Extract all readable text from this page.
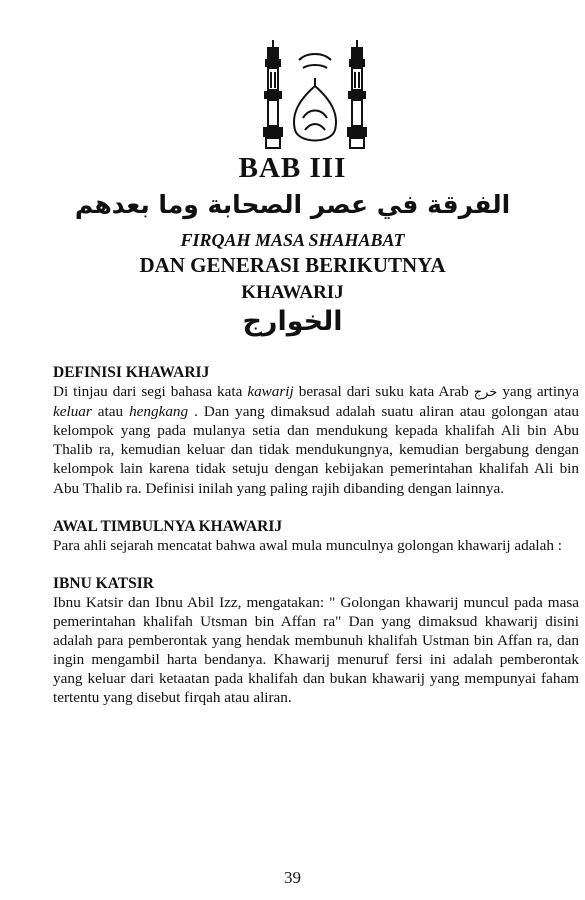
BAB III
الفرقة في عصر الصحابة وما بعدهم
FIRQAH MASA SHAHABAT
DAN GENERASI BERIKUTNYA
KHAWARIJ
الخوارج

DEFINISI KHAWARIJ

Di tinjau dari segi bahasa kata kawarij berasal dari suku kata Arab خرج yang artinya keluar atau hengkang . Dan yang dimaksud adalah suatu aliran atau golongan atau kelompok yang pada mulanya setia dan mendukung kepada khalifah Ali bin Abu Thalib ra, kemudian keluar dan tidak mendukungnya, kemudian bergabung dengan kelompok lain karena tidak setuju dengan kebijakan pemerintahan khalifah Ali bin Abu Thalib ra. Definisi inilah yang paling rajih dibanding dengan lainnya.

AWAL TIMBULNYA KHAWARIJ

Para ahli sejarah mencatat bahwa awal mula munculnya golongan khawarij adalah :

IBNU KATSIR

Ibnu Katsir dan Ibnu Abil Izz, mengatakan: " Golongan khawarij muncul pada masa pemerintahan khalifah Utsman bin Affan ra" Dan yang dimaksud khawarij disini adalah para pemberontak yang hendak membunuh khalifah Ustman bin Affan ra, dan ingin mengambil harta bendanya. Khawarij menuruf fersi ini adalah pemberontak yang keluar dari ketaatan pada khalifah dan bukan khawarij yang mempunyai faham tertentu yang disebut firqah atau aliran.

39
